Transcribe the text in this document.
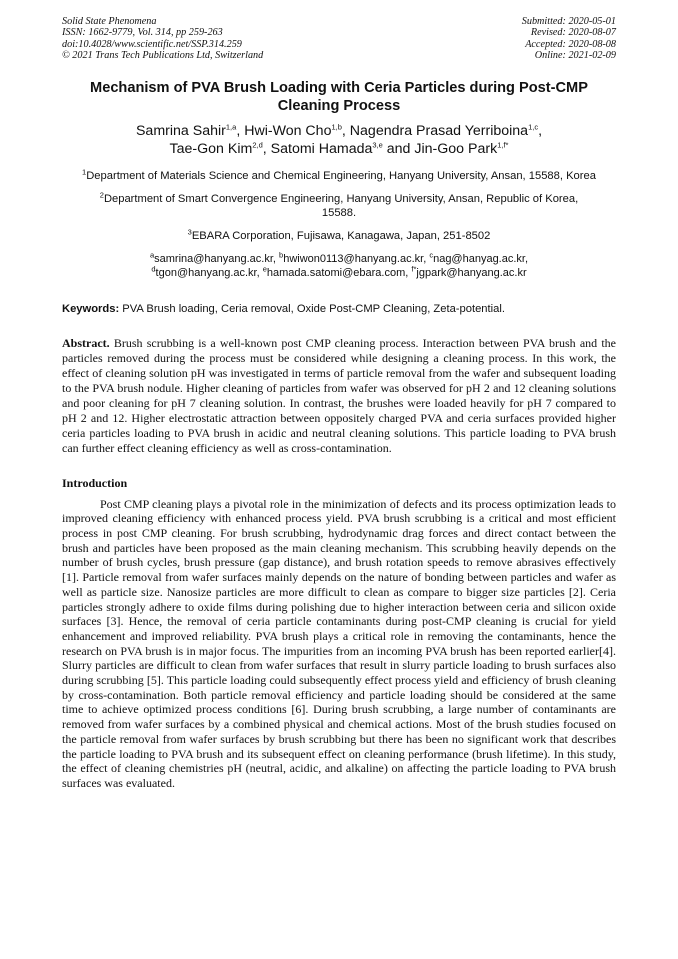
Solid State Phenomena
ISSN: 1662-9779, Vol. 314, pp 259-263
doi:10.4028/www.scientific.net/SSP.314.259
© 2021 Trans Tech Publications Ltd, Switzerland
Submitted: 2020-05-01
Revised: 2020-08-07
Accepted: 2020-08-08
Online: 2021-02-09
Mechanism of PVA Brush Loading with Ceria Particles during Post-CMP Cleaning Process
Samrina Sahir$^{1,a}$, Hwi-Won Cho$^{1,b}$, Nagendra Prasad Yerriboina$^{1,c}$,
Tae-Gon Kim$^{2,d}$, Satomi Hamada$^{3,e}$ and Jin-Goo Park$^{1,f*}$
$^1$Department of Materials Science and Chemical Engineering, Hanyang University, Ansan, 15588, Korea
$^2$Department of Smart Convergence Engineering, Hanyang University, Ansan, Republic of Korea, 15588.
$^3$EBARA Corporation, Fujisawa, Kanagawa, Japan, 251-8502
$^a$samrina@hanyang.ac.kr, $^b$hwiwon0113@hanyang.ac.kr, $^c$nag@hanyag.ac.kr,
$^d$tgon@hanyang.ac.kr, $^e$hamada.satomi@ebara.com, $^{f*}$jgpark@hanyang.ac.kr
Keywords: PVA Brush loading, Ceria removal, Oxide Post-CMP Cleaning, Zeta-potential.
Abstract. Brush scrubbing is a well-known post CMP cleaning process. Interaction between PVA brush and the particles removed during the process must be considered while designing a cleaning process. In this work, the effect of cleaning solution pH was investigated in terms of particle removal from the wafer and subsequent loading to the PVA brush nodule. Higher cleaning of particles from wafer was observed for pH 2 and 12 cleaning solutions and poor cleaning for pH 7 cleaning solution. In contrast, the brushes were loaded heavily for pH 7 compared to pH 2 and 12. Higher electrostatic attraction between oppositely charged PVA and ceria surfaces provided higher ceria particles loading to PVA brush in acidic and neutral cleaning solutions. This particle loading to PVA brush can further effect cleaning efficiency as well as cross-contamination.
Introduction
Post CMP cleaning plays a pivotal role in the minimization of defects and its process optimization leads to improved cleaning efficiency with enhanced process yield. PVA brush scrubbing is a critical and most efficient process in post CMP cleaning. For brush scrubbing, hydrodynamic drag forces and direct contact between the brush and particles have been proposed as the main cleaning mechanism. This scrubbing heavily depends on the number of brush cycles, brush pressure (gap distance), and brush rotation speeds to remove abrasives effectively [1]. Particle removal from wafer surfaces mainly depends on the nature of bonding between particles and wafer as well as particle size. Nanosize particles are more difficult to clean as compare to bigger size particles [2]. Ceria particles strongly adhere to oxide films during polishing due to higher interaction between ceria and silicon oxide surfaces [3]. Hence, the removal of ceria particle contaminants during post-CMP cleaning is crucial for yield enhancement and improved reliability. PVA brush plays a critical role in removing the contaminants, hence the research on PVA brush is in major focus. The impurities from an incoming PVA brush has been reported earlier[4]. Slurry particles are difficult to clean from wafer surfaces that result in slurry particle loading to brush surfaces also during scrubbing [5]. This particle loading could subsequently effect process yield and efficiency of brush cleaning by cross-contamination. Both particle removal efficiency and particle loading should be considered at the same time to achieve optimized process conditions [6]. During brush scrubbing, a large number of contaminants are removed from wafer surfaces by a combined physical and chemical actions. Most of the brush studies focused on the particle removal from wafer surfaces by brush scrubbing but there has been no significant work that describes the particle loading to PVA brush and its subsequent effect on cleaning performance (brush lifetime). In this study, the effect of cleaning chemistries pH (neutral, acidic, and alkaline) on affecting the particle loading to PVA brush surfaces was evaluated.
